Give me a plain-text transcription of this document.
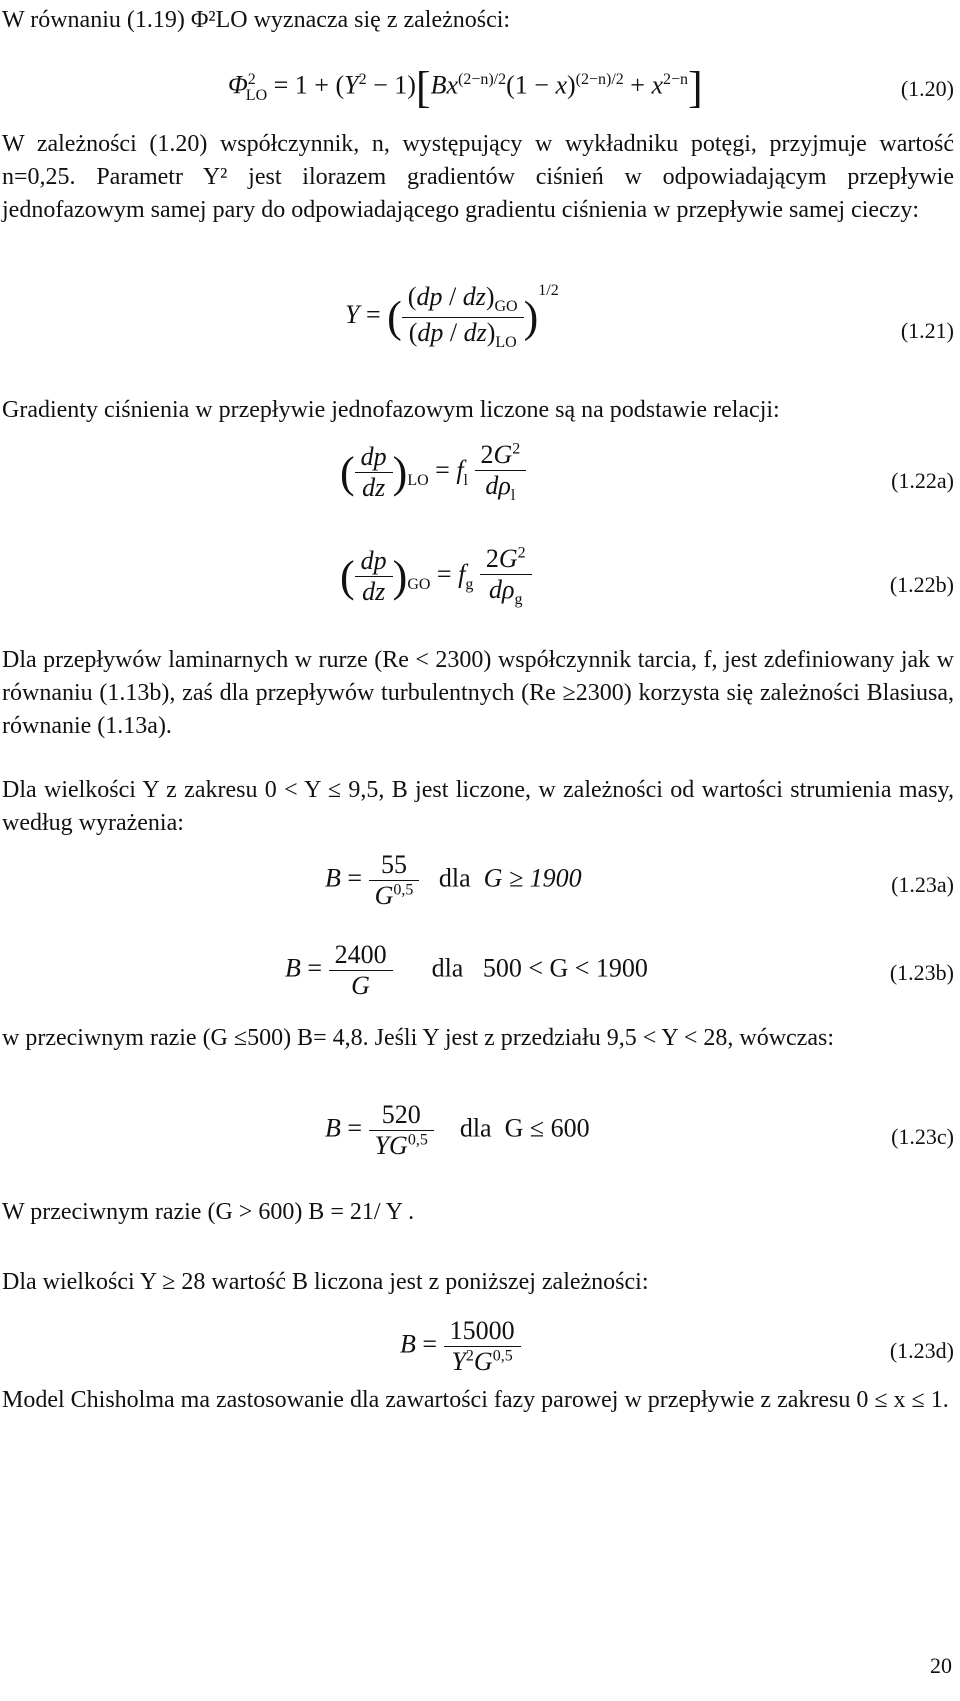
W równaniu (1.19) Φ²LO wyznacza się z zależności:

$\Phi^2_{LO} = 1 + (Y^2 - 1)[Bx^{(2-n)/2}(1 - x)^{(2-n)/2} + x^{2-n}]$	(1.20)

W zależności (1.20) współczynnik, n, występujący w wykładniku potęgi, przyjmuje wartość n=0,25. Parametr Y² jest ilorazem gradientów ciśnień w odpowiadającym przepływie jednofazowym samej pary do odpowiadającego gradientu ciśnienia w przepływie samej cieczy:

Y = ( $\frac{(dp / dz)_{GO}}{(dp / dz)_{LO}} )^{1/2}$
(1.21)

Gradienty ciśnienia w przepływie jednofazowym liczone są na podstawie relacji:

( $\frac{dp}{dz} )_{LO} = f_l \frac{2G^2}{d\rho_l}$	(1.22a)
( $\frac{dp}{dz} )_{GO} = f_g \frac{2G^2}{d\rho_g}$	(1.22b)

Dla przepływów laminarnych w rurze (Re < 2300) współczynnik tarcia, f, jest zdefiniowany jak w równaniu (1.13b), zaś dla przepływów turbulentnych (Re ≥2300) korzysta się zależności Blasiusa, równanie (1.13a).

Dla wielkości Y z zakresu 0 < Y ≤ 9,5, B jest liczone, w zależności od wartości strumienia masy, według wyrażenia:

$B = \frac{55}{G^{0,5}}$ dla G ≥ 1900	(1.23a)
$B = \frac{2400}{G}$ dla 500 < G < 1900	(1.23b)

w przeciwnym razie (G ≤500) B= 4,8. Jeśli Y jest z przedziału 9,5 < Y < 28, wówczas:

$B = \frac{520}{YG^{0,5}}$ dla G ≤ 600	(1.23c)

W przeciwnym razie (G > 600) B = 21/ Y .

Dla wielkości Y ≥ 28 wartość B liczona jest z poniższej zależności:

$B = \frac{15000}{Y^2G^{0,5}}$	(1.23d)

Model Chisholma ma zastosowanie dla zawartości fazy parowej w przepływie z zakresu 0 ≤ x ≤ 1.

20
